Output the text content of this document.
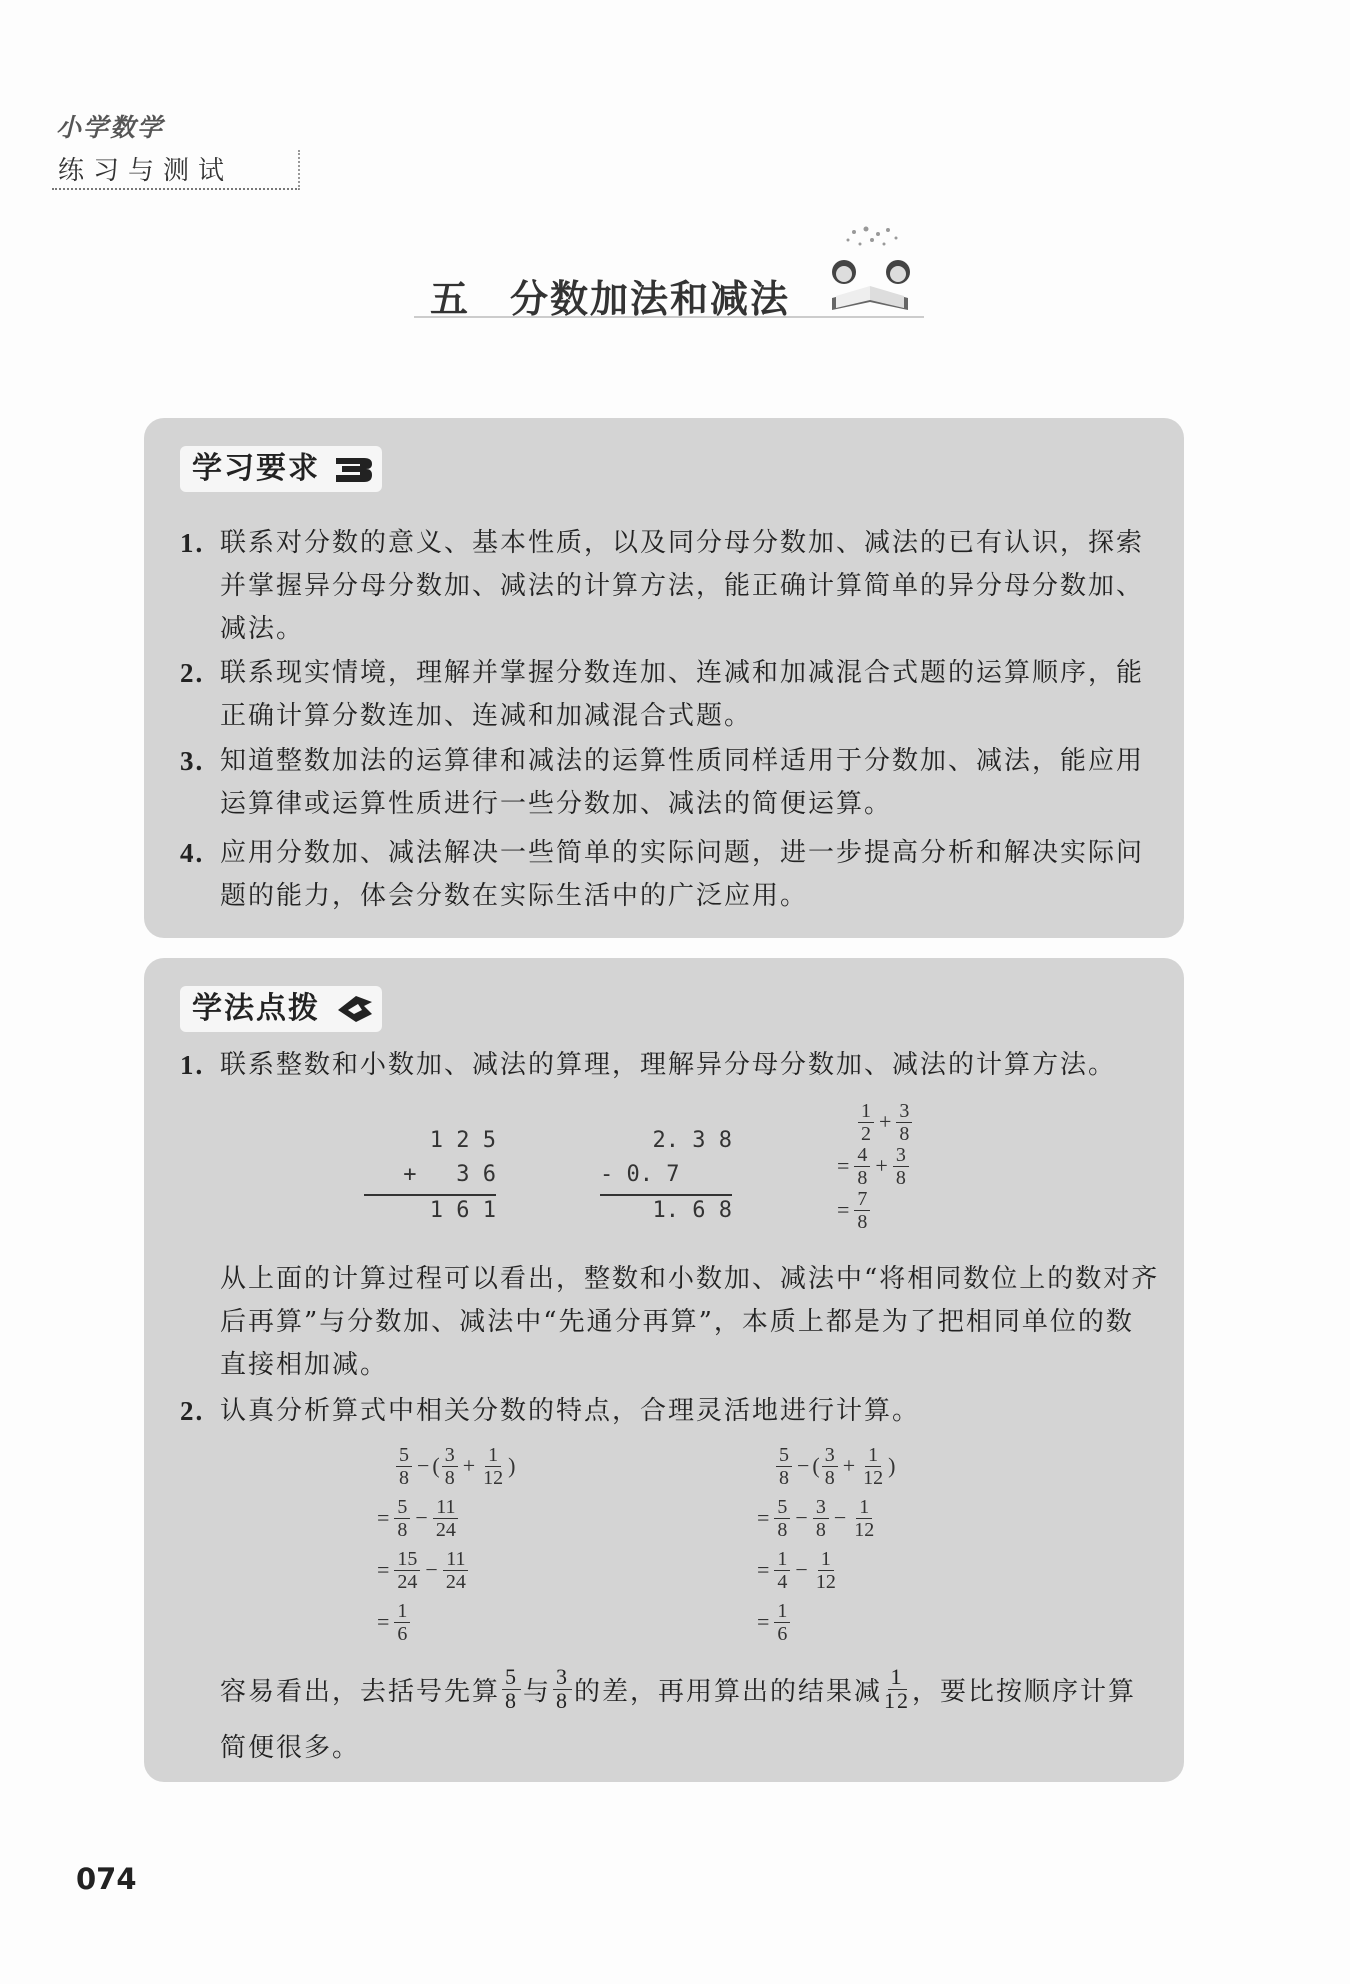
小学数学
练习与测试
五 分数加法和减法
学习要求
1. 联系对分数的意义、基本性质，以及同分母分数加、减法的已有认识，探索并掌握异分母分数加、减法的计算方法，能正确计算简单的异分母分数加、减法。
2. 联系现实情境，理解并掌握分数连加、连减和加减混合式题的运算顺序，能正确计算分数连加、连减和加减混合式题。
3. 知道整数加法的运算律和减法的运算性质同样适用于分数加、减法，能应用运算律或运算性质进行一些分数加、减法的简便运算。
4. 应用分数加、减法解决一些简单的实际问题，进一步提高分析和解决实际问题的能力，体会分数在实际生活中的广泛应用。
学法点拨
1. 联系整数和小数加、减法的算理，理解异分母分数加、减法的计算方法。
1 2 5
+   3 6
1 6 1
2. 3 8
- 0. 7
1. 6 8
1
$2 + \frac{3}{8}$
= $\frac{4}{8} + \frac{3}{8}$
= $\frac{7}{8}$
从上面的计算过程可以看出，整数和小数加、减法中“将相同数位上的数对齐后再算”与分数加、减法中“先通分再算”，本质上都是为了把相同单位的数直接相加减。
2. 认真分析算式中相关分数的特点，合理灵活地进行计算。
5
8 − ( 3
$8 + \frac{1}{12}$ )
= $\frac{5}{8} - \frac{11}{24}$
= $\frac{15}{24} - \frac{11}{24}$
= $\frac{1}{6}$
5
8 − ( 3
$8 + \frac{1}{12}$ )
= $\frac{5}{8} - \frac{3}{8} - \frac{1}{12}$
= $\frac{1}{4} - \frac{1}{12}$
= $\frac{1}{6}$
容易看出，去括号先算 $\frac{5}{8}$ 与 $\frac{3}{8}$ 的差，再用算出的结果减 $\frac{1}{12}$ ，要比按顺序计算简便很多。
074
